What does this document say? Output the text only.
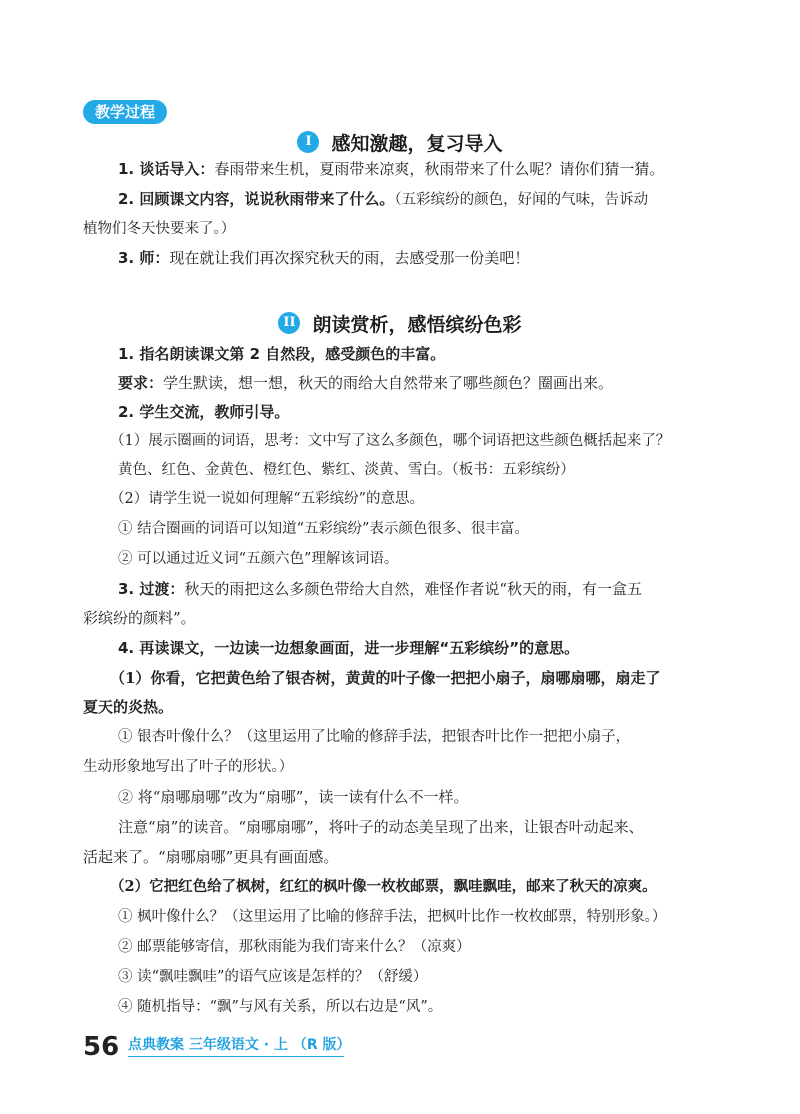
教学过程
I	感知激趣，复习导入
1. 谈话导入：春雨带来生机，夏雨带来凉爽，秋雨带来了什么呢？请你们猜一猜。
2. 回顾课文内容，说说秋雨带来了什么。（五彩缤纷的颜色，好闻的气味，告诉动
植物们冬天快要来了。）
3. 师：现在就让我们再次探究秋天的雨，去感受那一份美吧！
II 朗读赏析，感悟缤纷色彩
1. 指名朗读课文第 2 自然段，感受颜色的丰富。
要求：学生默读，想一想，秋天的雨给大自然带来了哪些颜色？圈画出来。
2. 学生交流，教师引导。
（1）展示圈画的词语，思考：文中写了这么多颜色，哪个词语把这些颜色概括起来了？
黄色、红色、金黄色、橙红色、紫红、淡黄、雪白。（板书：五彩缤纷）
（2）请学生说一说如何理解“五彩缤纷”的意思。
① 结合圈画的词语可以知道“五彩缤纷”表示颜色很多、很丰富。
② 可以通过近义词“五颜六色”理解该词语。
3. 过渡：秋天的雨把这么多颜色带给大自然，难怪作者说“秋天的雨，有一盒五
彩缤纷的颜料”。
4. 再读课文，一边读一边想象画面，进一步理解“五彩缤纷”的意思。
（1）你看，它把黄色给了银杏树，黄黄的叶子像一把把小扇子，扇哪扇哪，扇走了
夏天的炎热。
① 银杏叶像什么？（这里运用了比喻的修辞手法，把银杏叶比作一把把小扇子，
生动形象地写出了叶子的形状。）
② 将“扇哪扇哪”改为“扇哪”，读一读有什么不一样。
注意“扇”的读音。“扇哪扇哪”，将叶子的动态美呈现了出来，让银杏叶动起来、
活起来了。“扇哪扇哪”更具有画面感。
（2）它把红色给了枫树，红红的枫叶像一枚枚邮票，飘哇飘哇，邮来了秋天的凉爽。
① 枫叶像什么？（这里运用了比喻的修辞手法，把枫叶比作一枚枚邮票，特别形象。）
② 邮票能够寄信，那秋雨能为我们寄来什么？（凉爽）
③ 读“飘哇飘哇”的语气应该是怎样的？（舒缓）
④ 随机指导：“飘”与风有关系，所以右边是“风”。
56 点典教案 三年级语文 · 上 （R 版）
